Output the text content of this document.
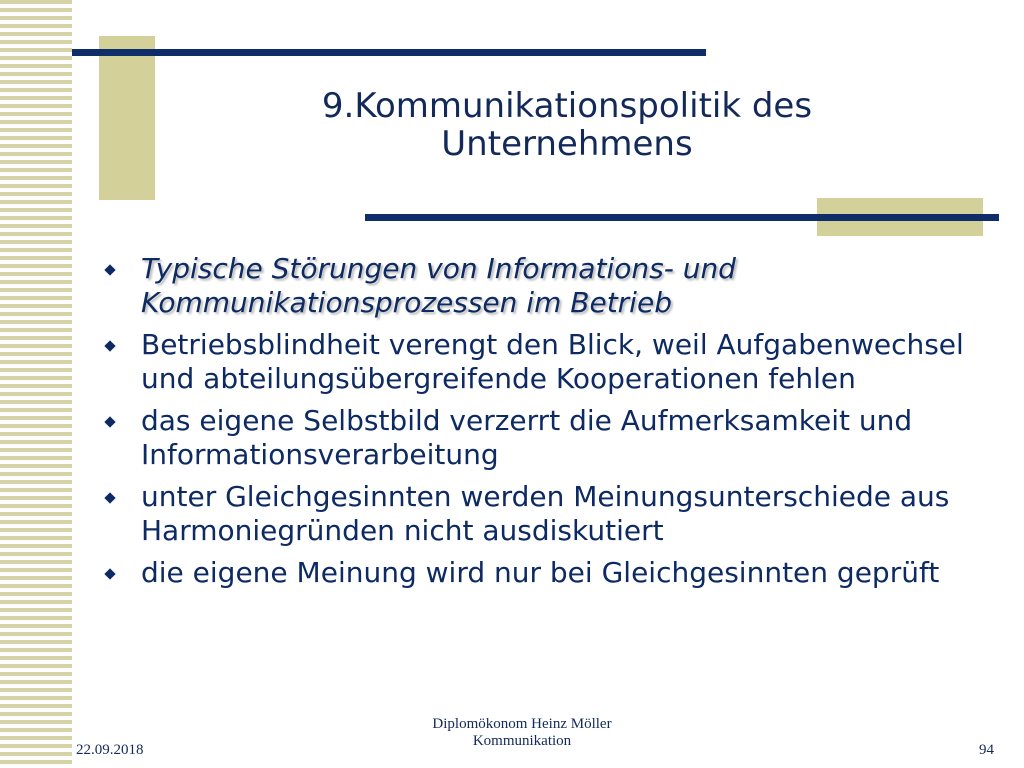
9.Kommunikationspolitik des
Unternehmens
Typische Störungen von Informations- und Kommunikationsprozessen im Betrieb
Betriebsblindheit verengt den Blick, weil Aufgabenwechsel und abteilungsübergreifende Kooperationen fehlen
das eigene Selbstbild verzerrt die Aufmerksamkeit und Informationsverarbeitung
unter Gleichgesinnten werden Meinungsunterschiede aus Harmoniegründen nicht ausdiskutiert
die eigene Meinung wird nur bei Gleichgesinnten geprüft
22.09.2018
Diplomökonom Heinz Möller
Kommunikation
94
